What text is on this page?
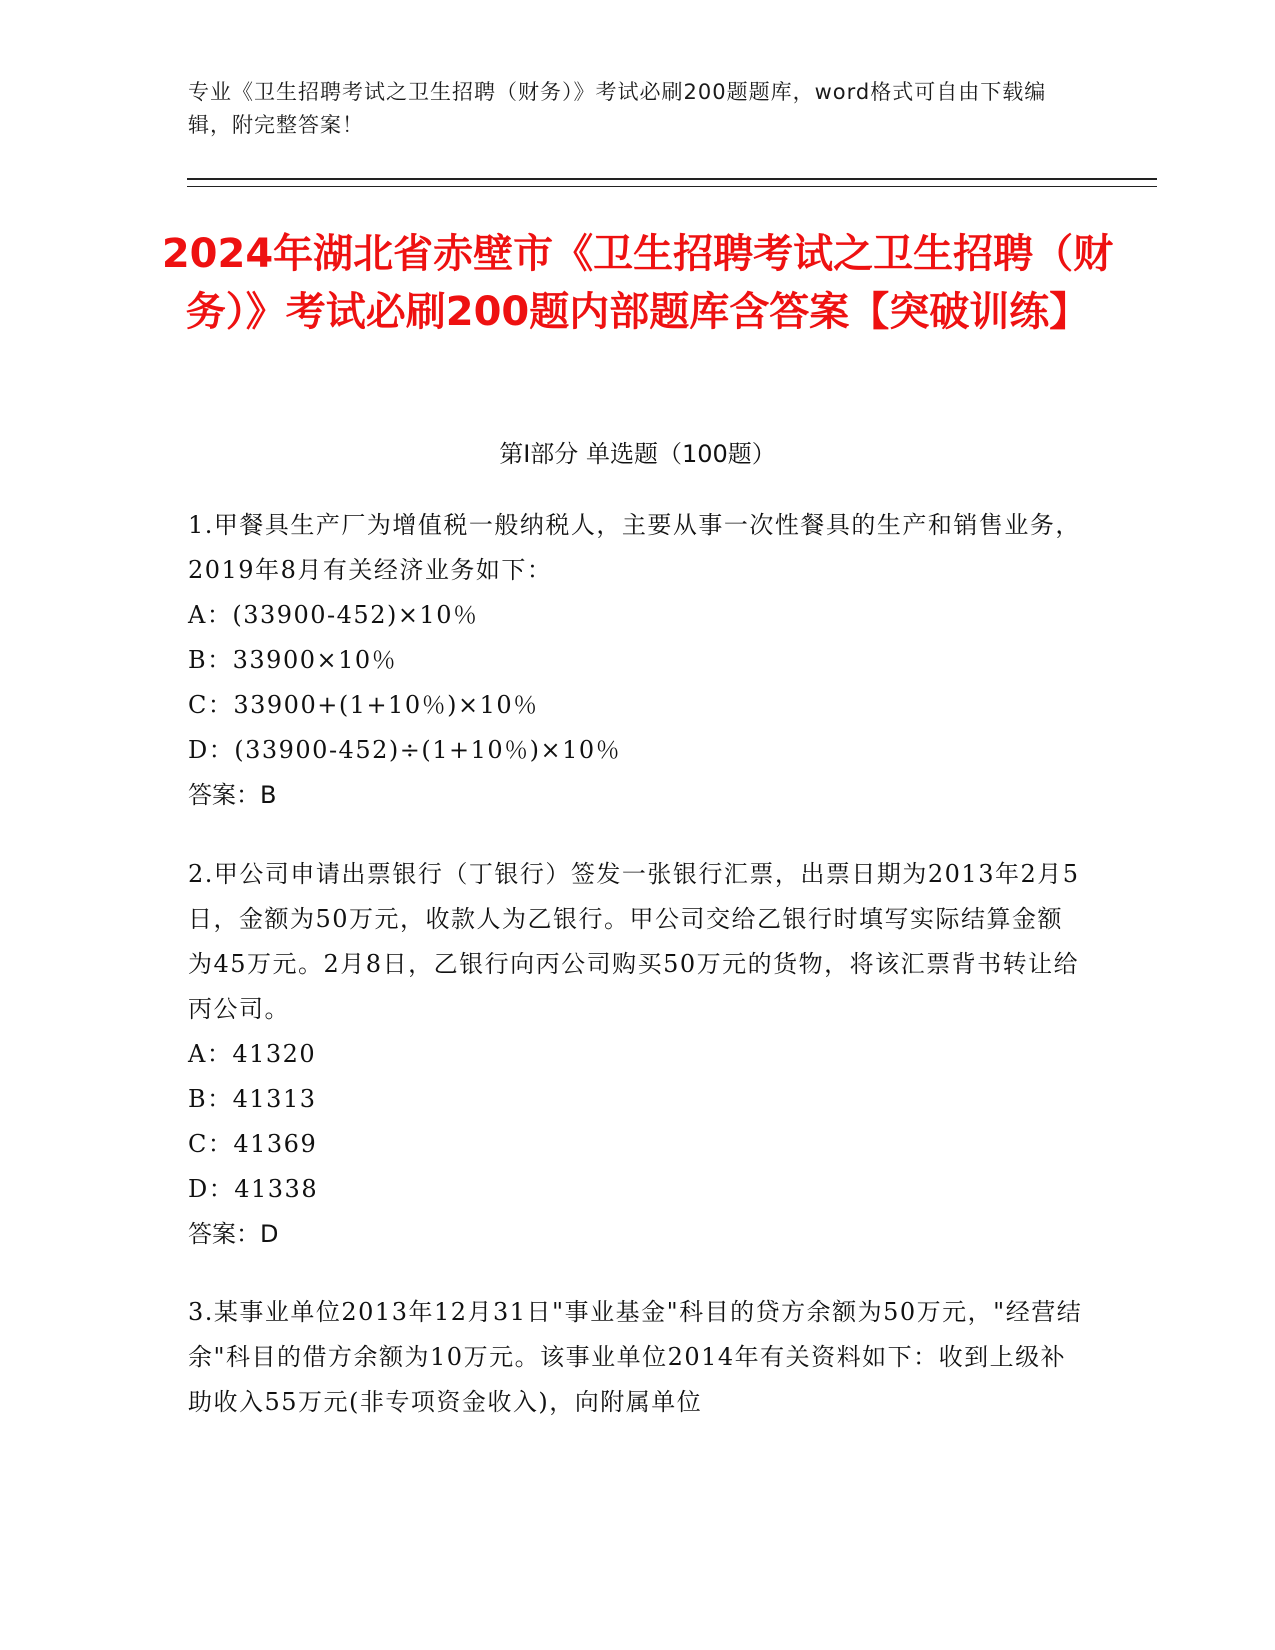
专业《卫生招聘考试之卫生招聘（财务）》考试必刷200题题库，word格式可自由下载编辑，附完整答案！
2024年湖北省赤壁市《卫生招聘考试之卫生招聘（财务）》考试必刷200题内部题库含答案【突破训练】
第I部分 单选题（100题）

1.甲餐具生产厂为增值税一般纳税人，主要从事一次性餐具的生产和销售业务，2019年8月有关经济业务如下：

A：(33900-452)×10％

B：33900×10％

C：33900+(1+10％)×10％

D：(33900-452)÷(1+10％)×10％

答案：B

2.甲公司申请出票银行（丁银行）签发一张银行汇票，出票日期为2013年2月5日，金额为50万元，收款人为乙银行。甲公司交给乙银行时填写实际结算金额为45万元。2月8日，乙银行向丙公司购买50万元的货物，将该汇票背书转让给丙公司。

A：41320

B：41313

C：41369

D：41338

答案：D

3.某事业单位2013年12月31日"事业基金"科目的贷方余额为50万元，"经营结余"科目的借方余额为10万元。该事业单位2014年有关资料如下：收到上级补助收入55万元(非专项资金收入)，向附属单位
